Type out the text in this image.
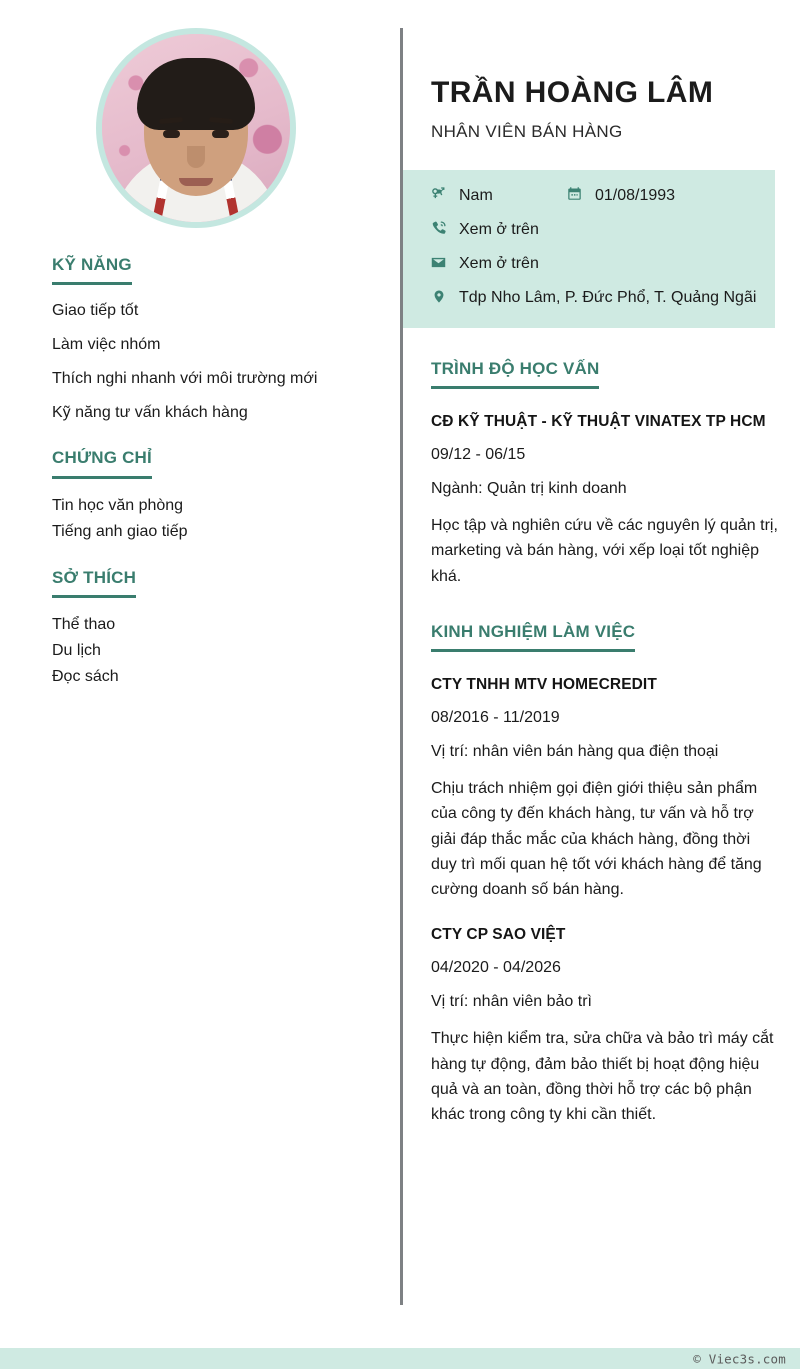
KỸ NĂNG
Giao tiếp tốt
Làm việc nhóm
Thích nghi nhanh với môi trường mới
Kỹ năng tư vấn khách hàng
CHỨNG CHỈ
Tin học văn phòng
Tiếng anh giao tiếp
SỞ THÍCH
Thể thao
Du lịch
Đọc sách
TRẦN HOÀNG LÂM
NHÂN VIÊN BÁN HÀNG
Nam	01/08/1993
Xem ở trên
Xem ở trên
Tdp Nho Lâm, P. Đức Phổ, T. Quảng Ngãi
TRÌNH ĐỘ HỌC VẤN
CĐ KỸ THUẬT - KỸ THUẬT VINATEX TP HCM
09/12 - 06/15
Ngành: Quản trị kinh doanh
Học tập và nghiên cứu về các nguyên lý quản trị, marketing và bán hàng, với xếp loại tốt nghiệp khá.
KINH NGHIỆM LÀM VIỆC
CTY TNHH MTV HOMECREDIT
08/2016 - 11/2019
Vị trí: nhân viên bán hàng qua điện thoại
Chịu trách nhiệm gọi điện giới thiệu sản phẩm của công ty đến khách hàng, tư vấn và hỗ trợ giải đáp thắc mắc của khách hàng, đồng thời duy trì mối quan hệ tốt với khách hàng để tăng cường doanh số bán hàng.
CTY CP SAO VIỆT
04/2020 - 04/2026
Vị trí: nhân viên bảo trì
Thực hiện kiểm tra, sửa chữa và bảo trì máy cắt hàng tự động, đảm bảo thiết bị hoạt động hiệu quả và an toàn, đồng thời hỗ trợ các bộ phận khác trong công ty khi cần thiết.
© Viec3s.com
